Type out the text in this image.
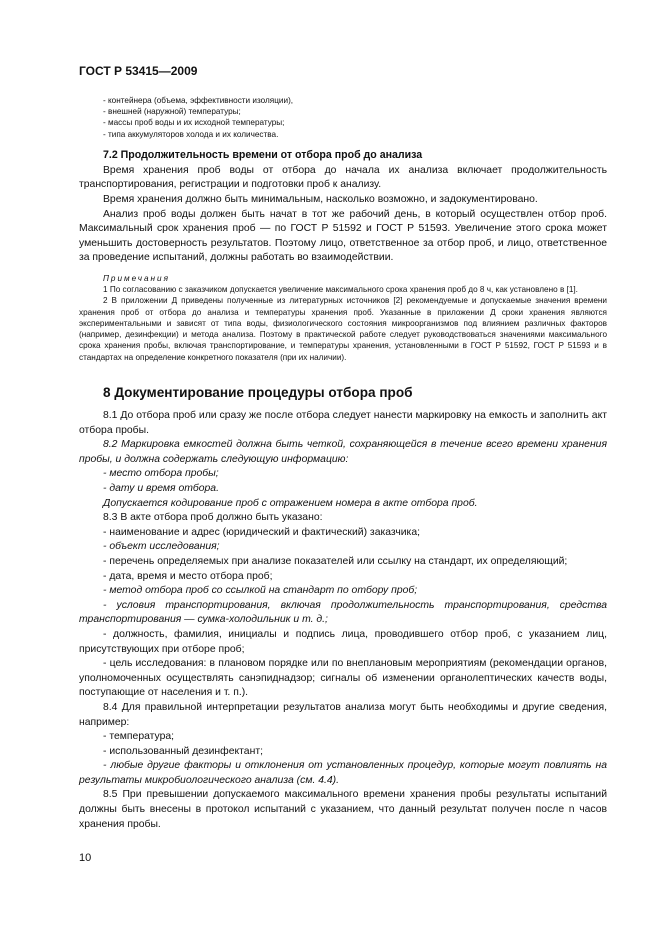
ГОСТ Р 53415—2009
- контейнера (объема, эффективности изоляции),
- внешней (наружной) температуры;
- массы проб воды и их исходной температуры;
- типа аккумуляторов холода и их количества.
7.2 Продолжительность времени от отбора проб до анализа

Время хранения проб воды от отбора до начала их анализа включает продолжительность транспортирования, регистрации и подготовки проб к анализу.

Время хранения должно быть минимальным, насколько возможно, и задокументировано.

Анализ проб воды должен быть начат в тот же рабочий день, в который осуществлен отбор проб. Максимальный срок хранения проб — по ГОСТ Р 51592 и ГОСТ Р 51593. Увеличение этого срока может уменьшить достоверность результатов. Поэтому лицо, ответственное за отбор проб, и лицо, ответственное за проведение испытаний, должны работать во взаимодействии.

Примечания

1 По согласованию с заказчиком допускается увеличение максимального срока хранения проб до 8 ч, как установлено в [1].

2 В приложении Д приведены полученные из литературных источников [2] рекомендуемые и допускаемые значения времени хранения проб от отбора до анализа и температуры хранения проб. Указанные в приложении Д сроки хранения являются экспериментальными и зависят от типа воды, физиологического состояния микроорганизмов под влиянием различных факторов (например, дезинфекции) и метода анализа. Поэтому в практической работе следует руководствоваться значениями максимального срока хранения пробы, включая транспортирование, и температуры хранения, установленными в ГОСТ Р 51592, ГОСТ Р 51593 и в стандартах на определение конкретного показателя (при их наличии).

8 Документирование процедуры отбора проб

8.1 До отбора проб или сразу же после отбора следует нанести маркировку на емкость и заполнить акт отбора пробы.

8.2 Маркировка емкостей должна быть четкой, сохраняющейся в течение всего времени хранения пробы, и должна содержать следующую информацию:

- место отбора пробы;

- дату и время отбора.

Допускается кодирование проб с отражением номера в акте отбора проб.

8.3 В акте отбора проб должно быть указано:

- наименование и адрес (юридический и фактический) заказчика;

- объект исследования;

- перечень определяемых при анализе показателей или ссылку на стандарт, их определяющий;

- дата, время и место отбора проб;

- метод отбора проб со ссылкой на стандарт по отбору проб;

- условия транспортирования, включая продолжительность транспортирования, средства транспортирования — сумка-холодильник и т. д.;

- должность, фамилия, инициалы и подпись лица, проводившего отбор проб, с указанием лиц, присутствующих при отборе проб;

- цель исследования: в плановом порядке или по внеплановым мероприятиям (рекомендации органов, уполномоченных осуществлять санэпиднадзор; сигналы об изменении органолептических качеств воды, поступающие от населения и т. п.).

8.4 Для правильной интерпретации результатов анализа могут быть необходимы и другие сведения, например:

- температура;

- использованный дезинфектант;

- любые другие факторы и отклонения от установленных процедур, которые могут повлиять на результаты микробиологического анализа (см. 4.4).

8.5 При превышении допускаемого максимального времени хранения пробы результаты испытаний должны быть внесены в протокол испытаний с указанием, что данный результат получен после n часов хранения пробы.

10
